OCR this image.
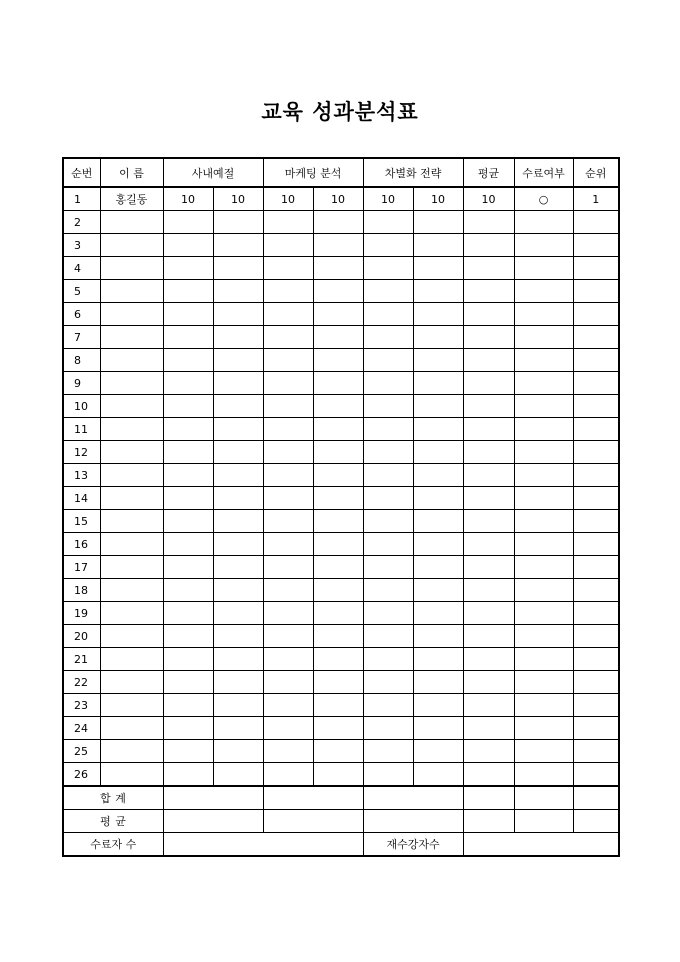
교육 성과분석표
순번	이 름	사내예절		마케팅 분석		차별화 전략		평균	수료여부	순위
1	홍길동	10	10	10	10	10	10	10	○	1
2										
3										
4										
5										
6										
7										
8										
9										
10										
11										
12										
13										
14										
15										
16										
17										
18										
19										
20										
21										
22										
23										
24										
25										
26										
합 계										
평 균										
수료자 수						재수강자수				
